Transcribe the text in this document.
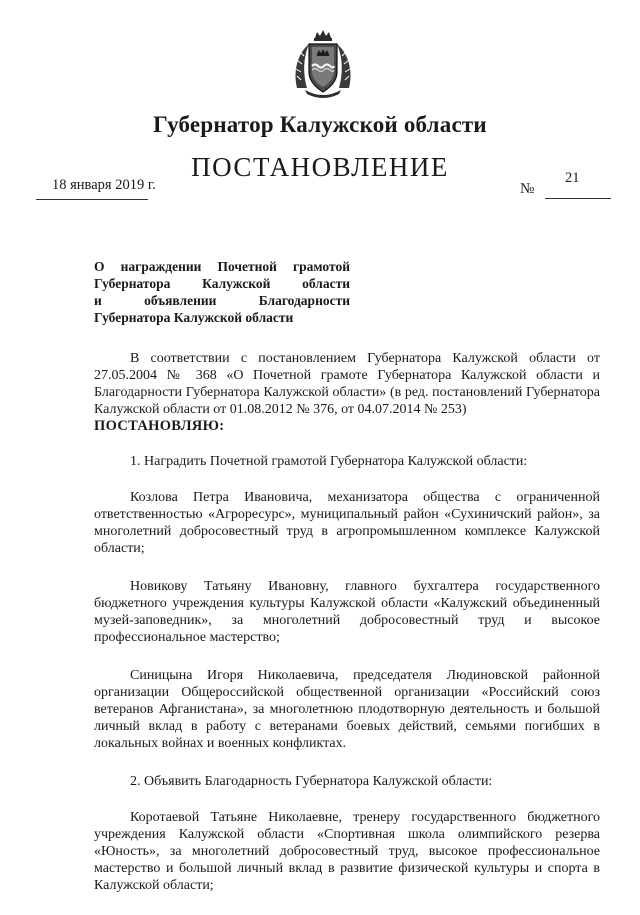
Губернатор Калужской области
ПОСТАНОВЛЕНИЕ
18 января 2019 г.	21
№
О награждении Почетной грамотой
Губернатора Калужской области
и объявлении Благодарности
Губернатора Калужской области

В соответствии с постановлением Губернатора Калужской области от 27.05.2004 № 368 «О Почетной грамоте Губернатора Калужской области и Благодарности Губернатора Калужской области» (в ред. постановлений Губернатора Калужской области от 01.08.2012 № 376, от 04.07.2014 № 253)

ПОСТАНОВЛЯЮ:

1. Наградить Почетной грамотой Губернатора Калужской области:

Козлова Петра Ивановича, механизатора общества с ограниченной ответственностью «Агроресурс», муниципальный район «Сухиничский район», за многолетний добросовестный труд в агропромышленном комплексе Калужской области;

Новикову Татьяну Ивановну, главного бухгалтера государственного бюджетного учреждения культуры Калужской области «Калужский объединенный музей-заповедник», за многолетний добросовестный труд и высокое профессиональное мастерство;

Синицына Игоря Николаевича, председателя Людиновской районной организации Общероссийской общественной организации «Российский союз ветеранов Афганистана», за многолетнюю плодотворную деятельность и большой личный вклад в работу с ветеранами боевых действий, семьями погибших в локальных войнах и военных конфликтах.

2. Объявить Благодарность Губернатора Калужской области:

Коротаевой Татьяне Николаевне, тренеру государственного бюджетного учреждения Калужской области «Спортивная школа олимпийского резерва «Юность», за многолетний добросовестный труд, высокое профессиональное мастерство и большой личный вклад в развитие физической культуры и спорта в Калужской области;
